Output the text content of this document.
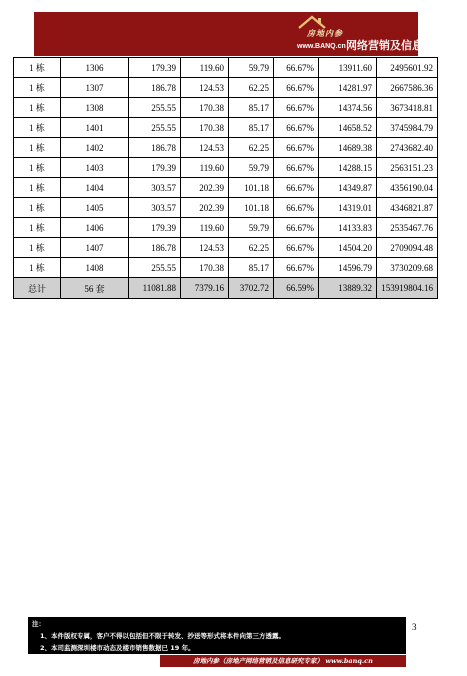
房地内参
www.BANQ.cn 网络营销及信息研究专家
1 栋	1306	179.39	119.60	59.79	66.67%	13911.60	2495601.92
1 栋	1307	186.78	124.53	62.25	66.67%	14281.97	2667586.36
1 栋	1308	255.55	170.38	85.17	66.67%	14374.56	3673418.81
1 栋	1401	255.55	170.38	85.17	66.67%	14658.52	3745984.79
1 栋	1402	186.78	124.53	62.25	66.67%	14689.38	2743682.40
1 栋	1403	179.39	119.60	59.79	66.67%	14288.15	2563151.23
1 栋	1404	303.57	202.39	101.18	66.67%	14349.87	4356190.04
1 栋	1405	303.57	202.39	101.18	66.67%	14319.01	4346821.87
1 栋	1406	179.39	119.60	59.79	66.67%	14133.83	2535467.76
1 栋	1407	186.78	124.53	62.25	66.67%	14504.20	2709094.48
1 栋	1408	255.55	170.38	85.17	66.67%	14596.79	3730209.68
总计	56 套	11081.88	7379.16	3702.72	66.59%	13889.32	153919804.16
3
注：
1、本件版权专属，客户不得以包括但不限于转发、抄送等形式将本件向第三方透露。
2、本司监测深圳楼市动态及楼市销售数据已 19 年。
房地内参（房地产网络营销及信息研究专家） www.banq.cn
